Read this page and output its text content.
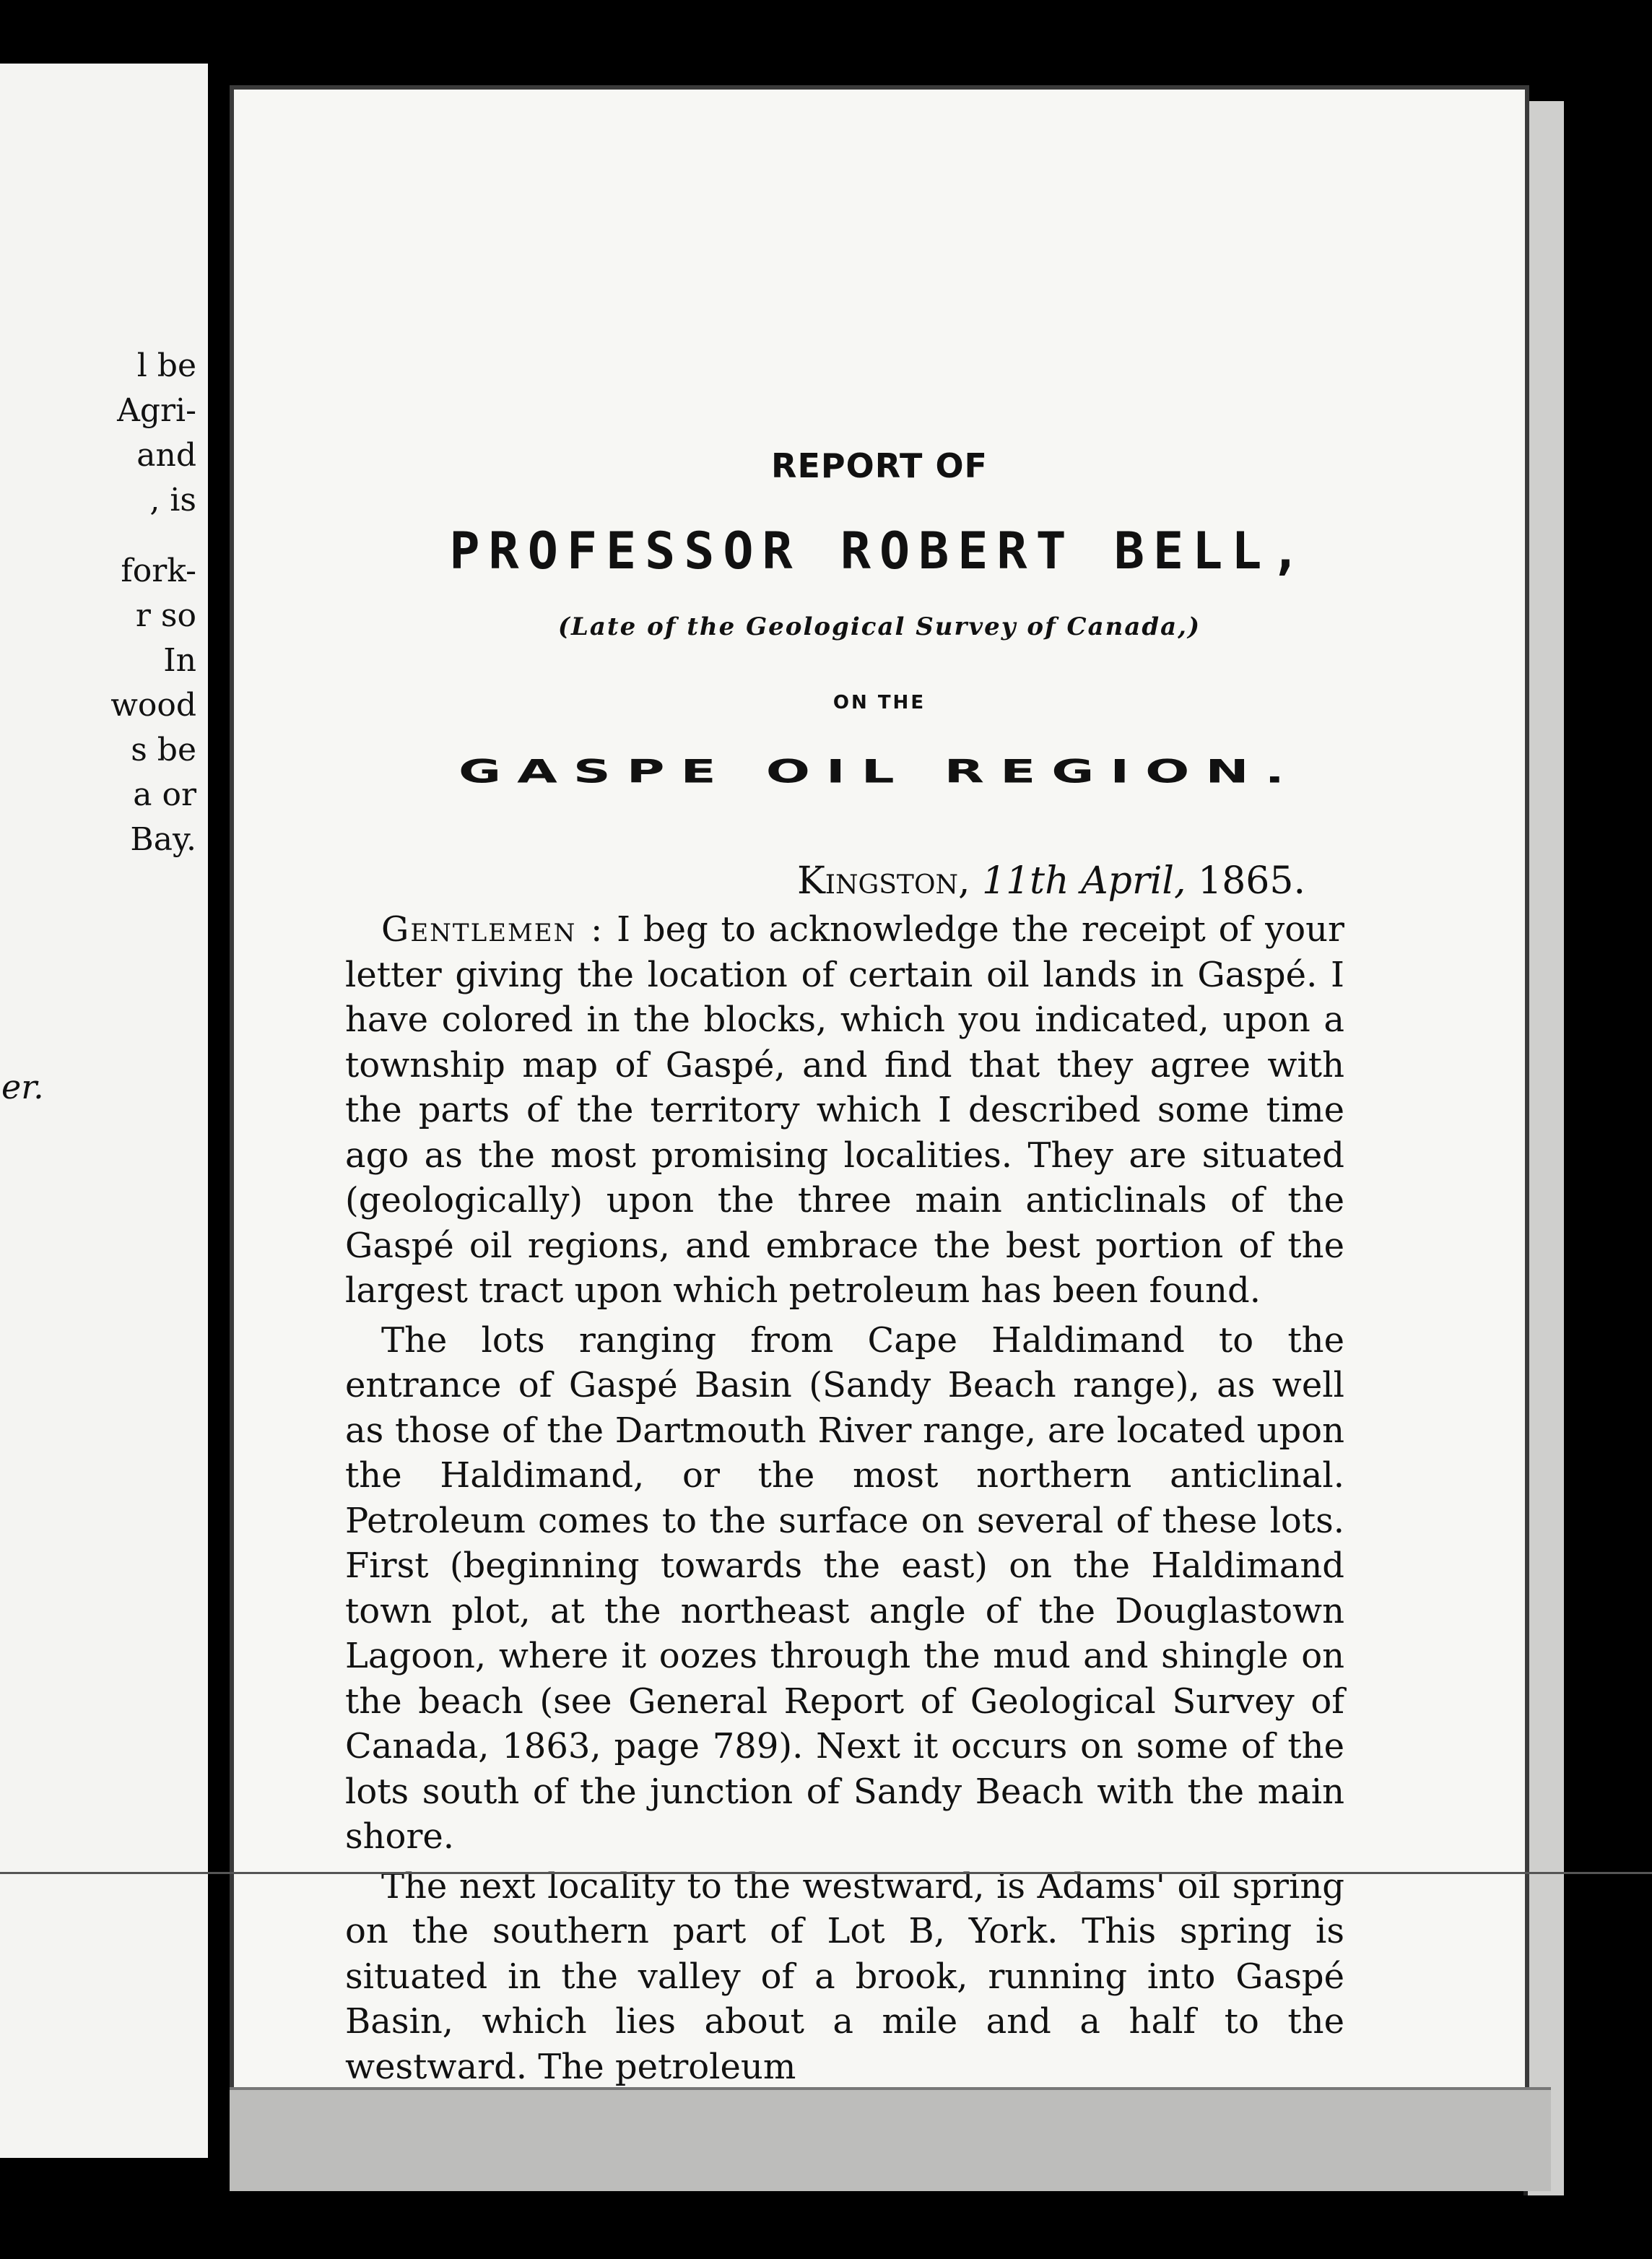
l be
Agri-
and
, is
fork-
r so
In
wood
s be
a or
Bay.
er.
REPORT OF
PROFESSOR ROBERT BELL,
(Late of the Geological Survey of Canada,)
ON THE
GASPE OIL REGION.
Kingston, 11th April, 1865.

Gentlemen : I beg to acknowledge the receipt of your letter giving the location of certain oil lands in Gaspé. I have colored in the blocks, which you indicated, upon a township map of Gaspé, and find that they agree with the parts of the territory which I described some time ago as the most promising localities. They are situated (geologically) upon the three main anticlinals of the Gaspé oil regions, and embrace the best portion of the largest tract upon which petroleum has been found.

The lots ranging from Cape Haldimand to the entrance of Gaspé Basin (Sandy Beach range), as well as those of the Dartmouth River range, are located upon the Haldimand, or the most northern anticlinal. Petroleum comes to the surface on several of these lots. First (beginning towards the east) on the Haldimand town plot, at the northeast angle of the Douglastown Lagoon, where it oozes through the mud and shingle on the beach (see General Report of Geological Survey of Canada, 1863, page 789). Next it occurs on some of the lots south of the junction of Sandy Beach with the main shore.

The next locality to the westward, is Adams' oil spring on the southern part of Lot B, York. This spring is situated in the valley of a brook, running into Gaspé Basin, which lies about a mile and a half to the westward. The petroleum
